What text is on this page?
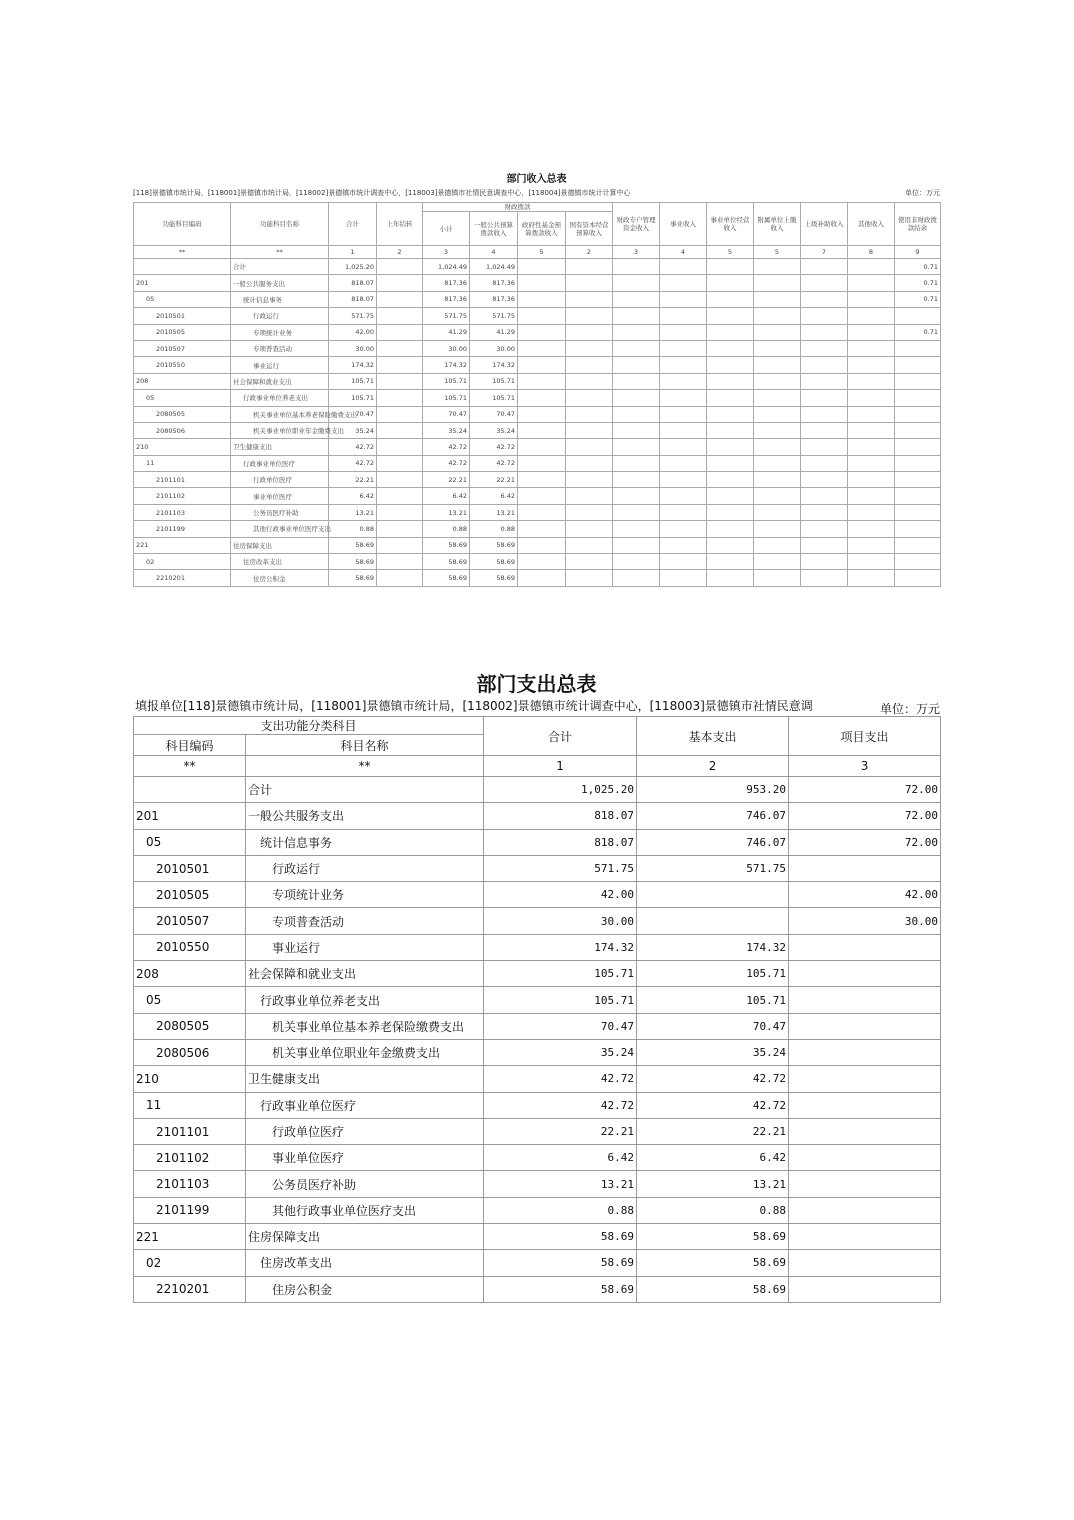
部门收入总表
[118]景德镇市统计局，[118001]景德镇市统计局，[118002]景德镇市统计调查中心，[118003]景德镇市社情民意调查中心，[118004]景德镇市统计计算中心	单位：万元
功能科目编码	功能科目名称	合计	上年结转	财政拨款				财政专户管理资金收入	事业收入	事业单位经营收入	附属单位上缴收入	上级补助收入	其他收入	使用非财政拨款结余
				小计	一般公共预算拨款收入	政府性基金预算拨款收入	国有资本经营预算收入							
**	**	1	2	3	4	5	2	3	4	5	5	7	8	9
	合计	1,025.20		1,024.49	1,024.49									0.71
201	一般公共服务支出	818.07		817.36	817.36									0.71
05	统计信息事务	818.07		817.36	817.36									0.71
2010501	行政运行	571.75		571.75	571.75									
2010505	专项统计业务	42.00		41.29	41.29									0.71
2010507	专项普查活动	30.00		30.00	30.00									
2010550	事业运行	174.32		174.32	174.32									
208	社会保障和就业支出	105.71		105.71	105.71									
05	行政事业单位养老支出	105.71		105.71	105.71									
2080505	机关事业单位基本养老保险缴费支出	70.47		70.47	70.47									
2080506	机关事业单位职业年金缴费支出	35.24		35.24	35.24									
210	卫生健康支出	42.72		42.72	42.72									
11	行政事业单位医疗	42.72		42.72	42.72									
2101101	行政单位医疗	22.21		22.21	22.21									
2101102	事业单位医疗	6.42		6.42	6.42									
2101103	公务员医疗补助	13.21		13.21	13.21									
2101199	其他行政事业单位医疗支出	0.88		0.88	0.88									
221	住房保障支出	58.69		58.69	58.69									
02	住房改革支出	58.69		58.69	58.69									
2210201	住房公积金	58.69		58.69	58.69									
部门支出总表
填报单位[118]景德镇市统计局，[118001]景德镇市统计局，[118002]景德镇市统计调查中心，[118003]景德镇市社情民意调	单位：万元
支出功能分类科目		合计	基本支出	项目支出
科目编码	科目名称			
**	**	1	2	3
	合计	1,025.20	953.20	72.00
201	一般公共服务支出	818.07	746.07	72.00
05	统计信息事务	818.07	746.07	72.00
2010501	行政运行	571.75	571.75	
2010505	专项统计业务	42.00		42.00
2010507	专项普查活动	30.00		30.00
2010550	事业运行	174.32	174.32	
208	社会保障和就业支出	105.71	105.71	
05	行政事业单位养老支出	105.71	105.71	
2080505	机关事业单位基本养老保险缴费支出	70.47	70.47	
2080506	机关事业单位职业年金缴费支出	35.24	35.24	
210	卫生健康支出	42.72	42.72	
11	行政事业单位医疗	42.72	42.72	
2101101	行政单位医疗	22.21	22.21	
2101102	事业单位医疗	6.42	6.42	
2101103	公务员医疗补助	13.21	13.21	
2101199	其他行政事业单位医疗支出	0.88	0.88	
221	住房保障支出	58.69	58.69	
02	住房改革支出	58.69	58.69	
2210201	住房公积金	58.69	58.69	
